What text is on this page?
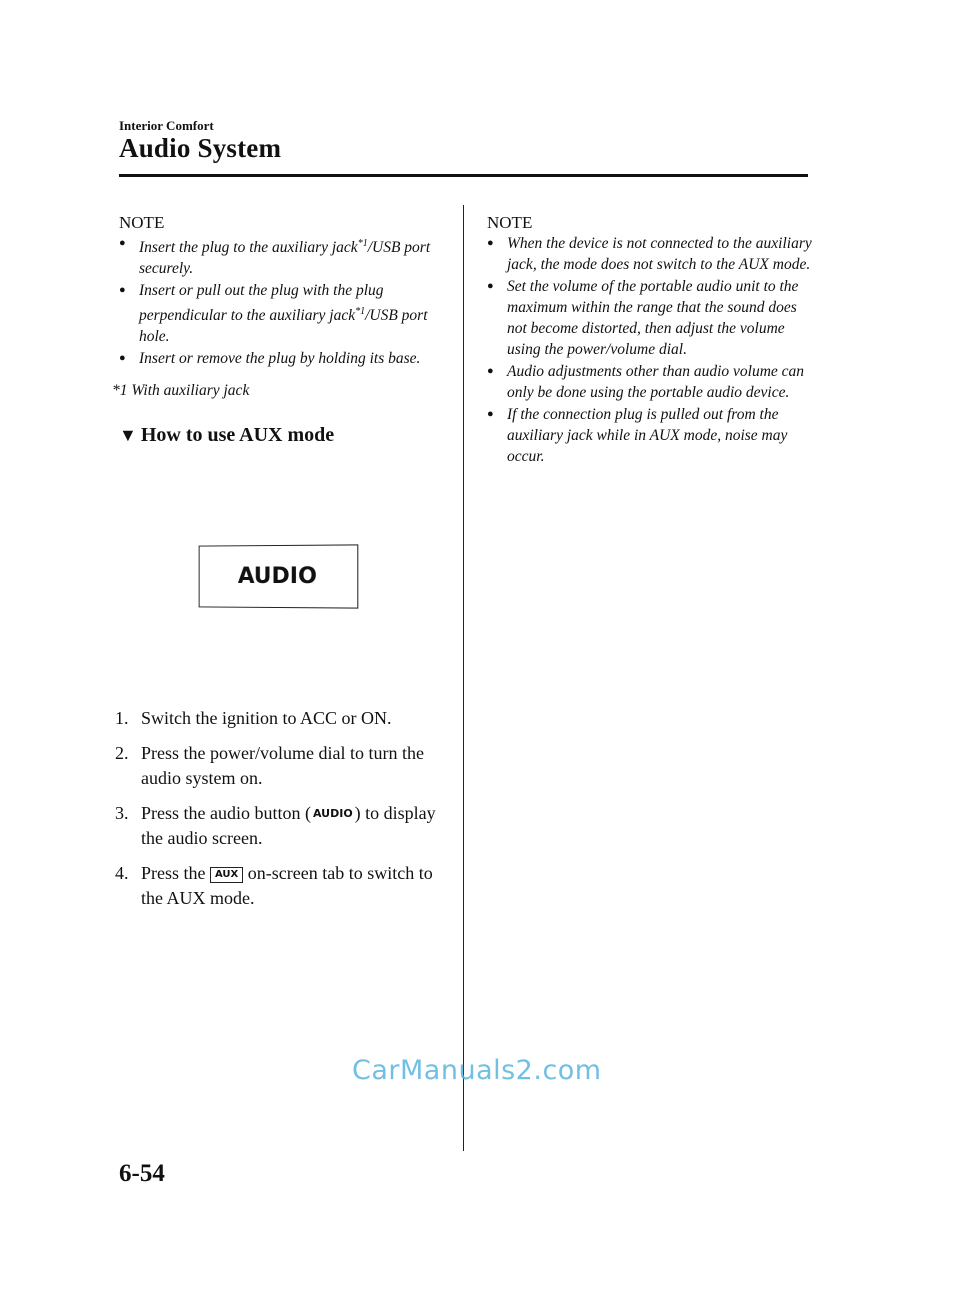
Interior Comfort
Audio System
NOTE
● Insert the plug to the auxiliary jack$^{*1}$/USB port securely.
● Insert or pull out the plug with the plug perpendicular to the auxiliary jack$^{*1}$/USB port hole.
● Insert or remove the plug by holding its base.
*1 With auxiliary jack
▼ How to use AUX mode
AUDIO
1. Switch the ignition to ACC or ON.
2. Press the power/volume dial to turn the audio system on.
3. Press the audio button ( AUDIO ) to display the audio screen.
4. Press the AUX on-screen tab to switch to the AUX mode.
NOTE
● When the device is not connected to the auxiliary jack, the mode does not switch to the AUX mode.
● Set the volume of the portable audio unit to the maximum within the range that the sound does not become distorted, then adjust the volume using the power/volume dial.
● Audio adjustments other than audio volume can only be done using the portable audio device.
● If the connection plug is pulled out from the auxiliary jack while in AUX mode, noise may occur.
CarManuals2.com
6-54
